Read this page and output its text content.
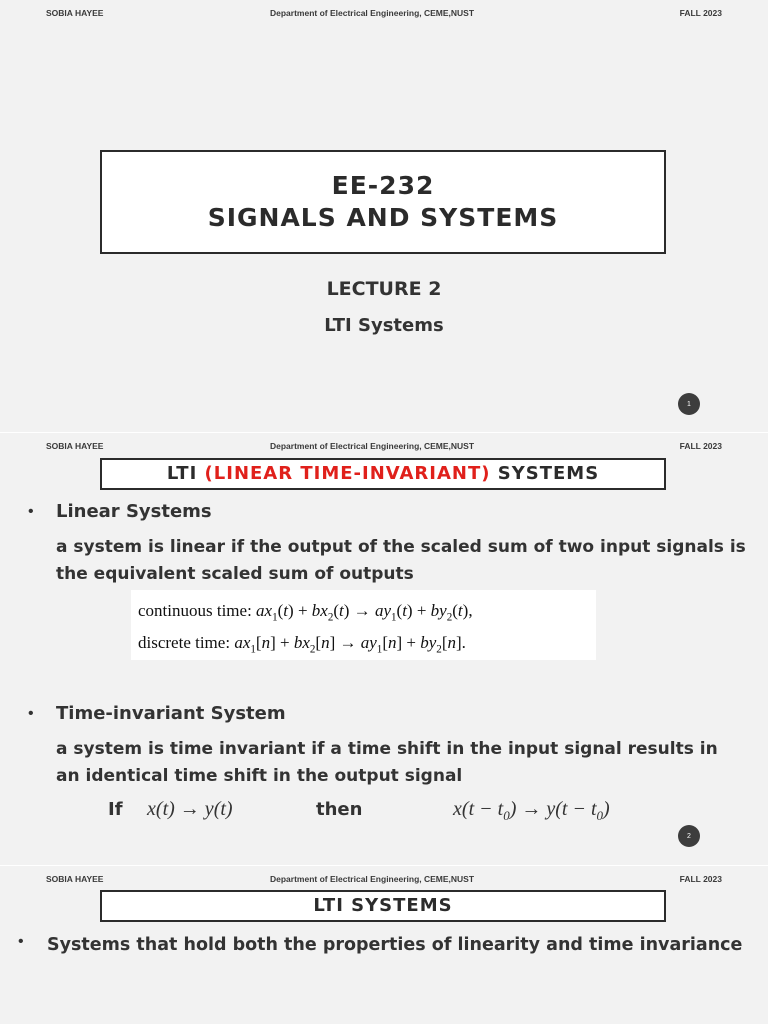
SOBIA HAYEE	Department of Electrical Engineering, CEME,NUST	FALL 2023
EE-232
SIGNALS AND SYSTEMS
LECTURE 2
LTI Systems
1
SOBIA HAYEE	Department of Electrical Engineering, CEME,NUST	FALL 2023
LTI (LINEAR TIME-INVARIANT) SYSTEMS
• Linear Systems
a system is linear if the output of the scaled sum of two input signals is the equivalent scaled sum of outputs
continuous time: $ax_1(t) + bx_2(t) \to ay_1(t) + by_2(t)$,
discrete time: $ax_1[n] + bx_2[n] \to ay_1[n] + by_2[n]$.
• Time-invariant System
a system is time invariant if a time shift in the input signal results in an identical time shift in the output signal
If x(t) → y(t)	then	$x(t - t_0) \to y(t - t_0)$
2
SOBIA HAYEE	Department of Electrical Engineering, CEME,NUST	FALL 2023
LTI SYSTEMS
• Systems that hold both the properties of linearity and time invariance
